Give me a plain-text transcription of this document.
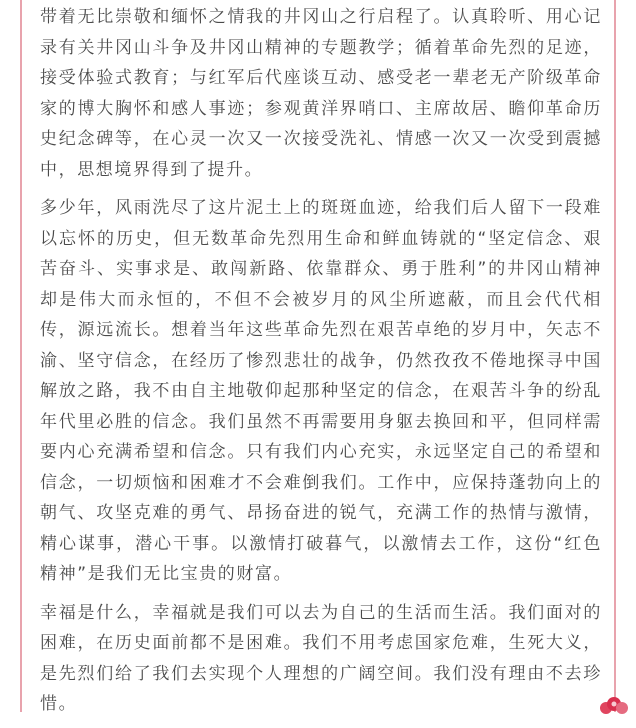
带着无比崇敬和缅怀之情我的井冈山之行启程了。认真聆听、用心记录有关井冈山斗争及井冈山精神的专题教学；循着革命先烈的足迹，接受体验式教育；与红军后代座谈互动、感受老一辈老无产阶级革命家的博大胸怀和感人事迹；参观黄洋界哨口、主席故居、瞻仰革命历史纪念碑等，在心灵一次又一次接受洗礼、情感一次又一次受到震撼中，思想境界得到了提升。

多少年，风雨洗尽了这片泥土上的斑斑血迹，给我们后人留下一段难以忘怀的历史，但无数革命先烈用生命和鲜血铸就的“坚定信念、艰苦奋斗、实事求是、敢闯新路、依靠群众、勇于胜利”的井冈山精神却是伟大而永恒的，不但不会被岁月的风尘所遮蔽，而且会代代相传，源远流长。想着当年这些革命先烈在艰苦卓绝的岁月中，矢志不渝、坚守信念，在经历了惨烈悲壮的战争，仍然孜孜不倦地探寻中国解放之路，我不由自主地敬仰起那种坚定的信念，在艰苦斗争的纷乱年代里必胜的信念。我们虽然不再需要用身躯去换回和平，但同样需要内心充满希望和信念。只有我们内心充实，永远坚定自己的希望和信念，一切烦恼和困难才不会难倒我们。工作中，应保持蓬勃向上的朝气、攻坚克难的勇气、昂扬奋进的锐气，充满工作的热情与激情，精心谋事，潜心干事。以激情打破暮气，以激情去工作，这份“红色精神”是我们无比宝贵的财富。

幸福是什么，幸福就是我们可以去为自己的生活而生活。我们面对的困难，在历史面前都不是困难。我们不用考虑国家危难，生死大义，是先烈们给了我们去实现个人理想的广阔空间。我们没有理由不去珍惜。
